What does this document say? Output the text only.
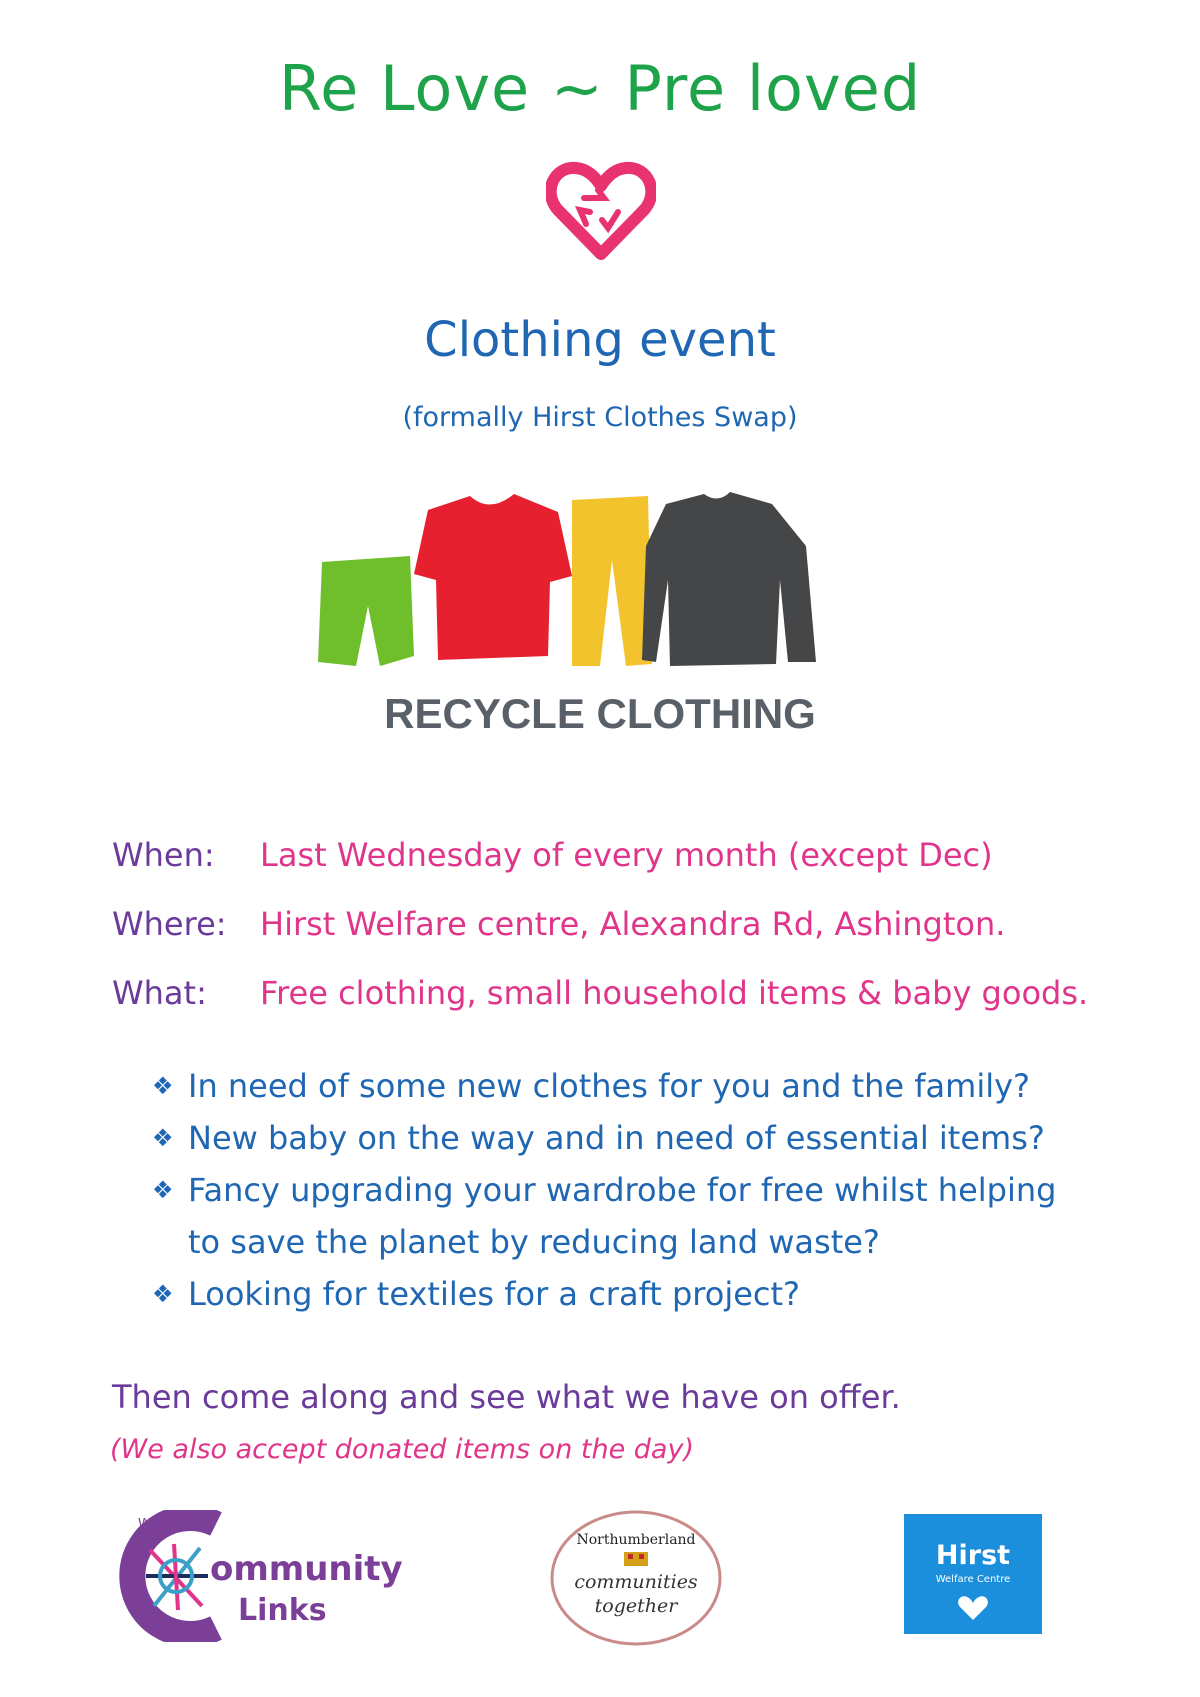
Re Love ~ Pre loved
Clothing event
(formally Hirst Clothes Swap)
RECYCLE CLOTHING
When: Last Wednesday of every month (except Dec)
Where: Hirst Welfare centre, Alexandra Rd, Ashington.
What: Free clothing, small household items & baby goods.
❖ In need of some new clothes for you and the family?
❖ New baby on the way and in need of essential items?
❖ Fancy upgrading your wardrobe for free whilst helping
to save the planet by reducing land waste?
❖ Looking for textiles for a craft project?
Then come along and see what we have on offer.
(We also accept donated items on the day)
Wansbeck
ommunity
Links
Northumberland
communities
together
Hirst
Welfare Centre
